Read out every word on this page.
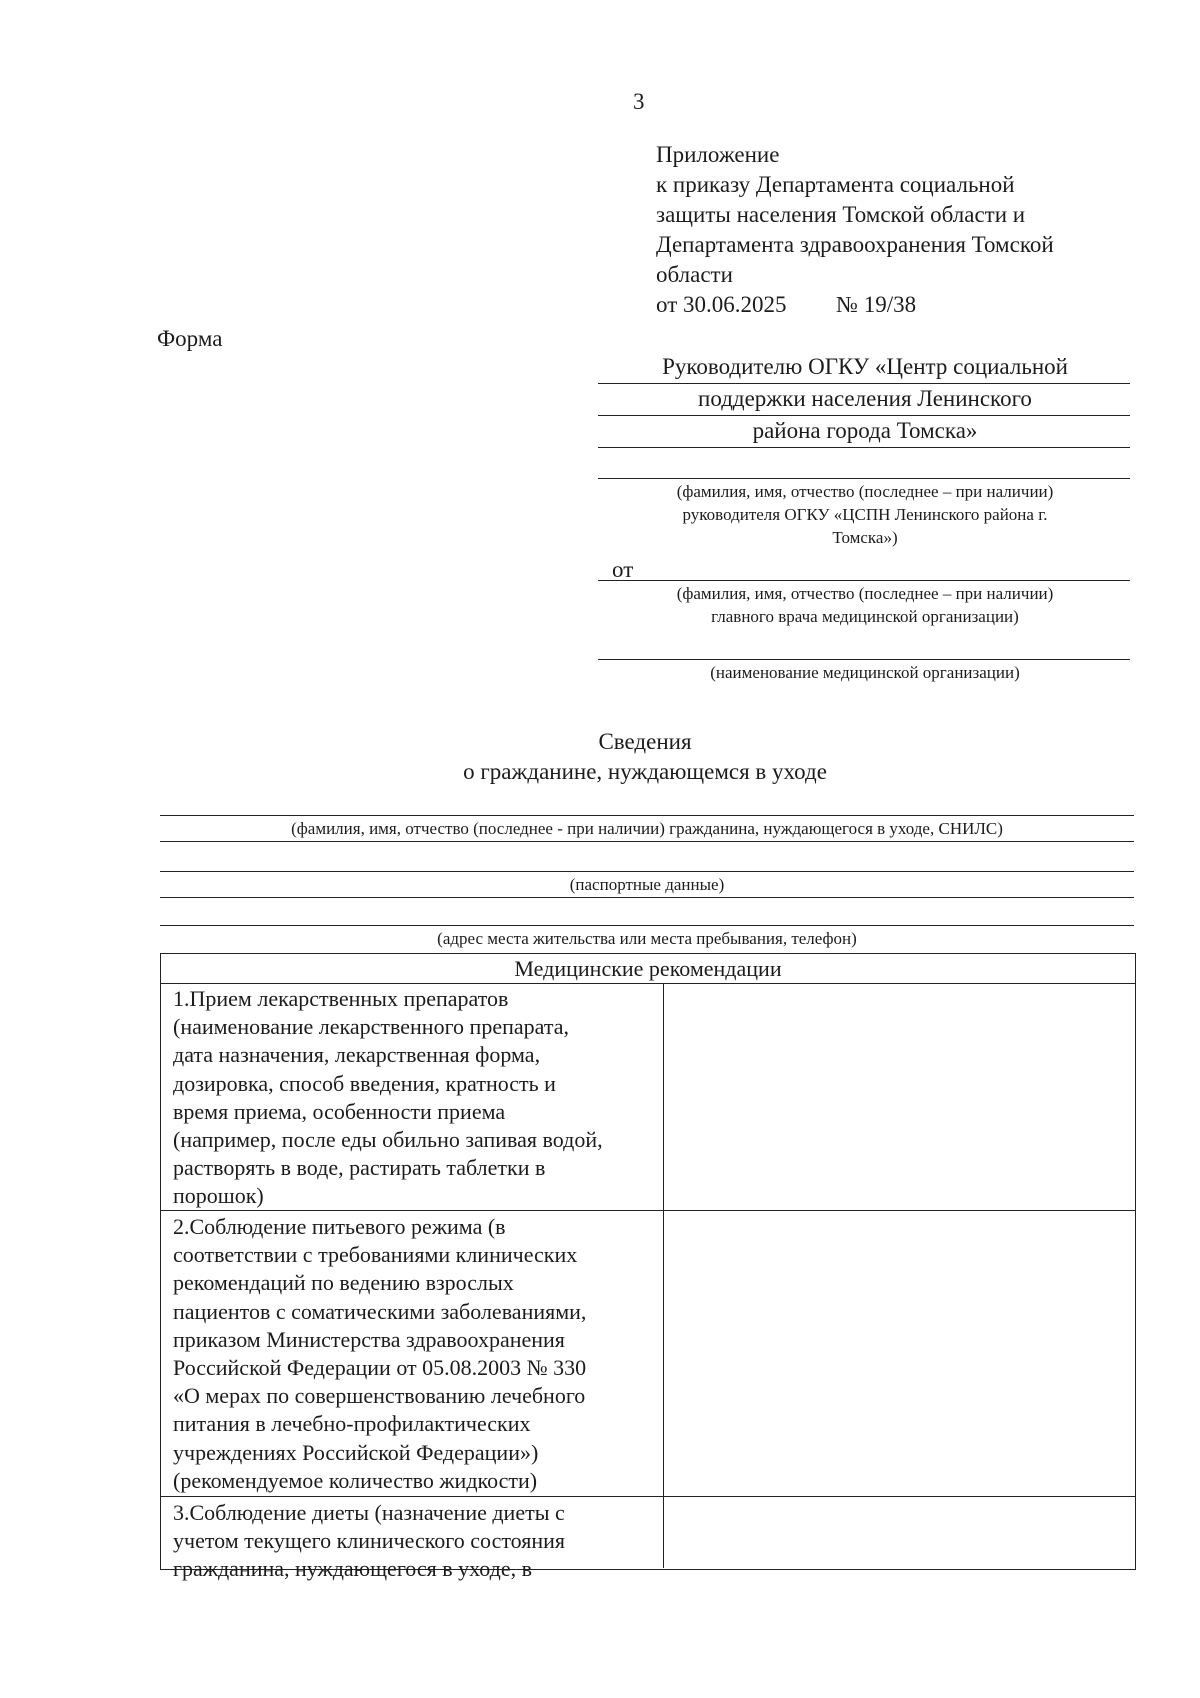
3
Приложение
к приказу Департамента социальной
защиты населения Томской области и
Департамента здравоохранения Томской
области
от 30.06.2025 № 19/38
Форма
Руководителю ОГКУ «Центр социальной
поддержки населения Ленинского
района города Томска»
(фамилия, имя, отчество (последнее – при наличии)
руководителя ОГКУ «ЦСПН Ленинского района г.
Томска»)
от
(фамилия, имя, отчество (последнее – при наличии)
главного врача медицинской организации)
(наименование медицинской организации)
Сведения
о гражданине, нуждающемся в уходе
(фамилия, имя, отчество (последнее - при наличии) гражданина, нуждающегося в уходе, СНИЛС)
(паспортные данные)
(адрес места жительства или места пребывания, телефон)
Медицинские рекомендации
1.Прием лекарственных препаратов
(наименование лекарственного препарата,
дата назначения, лекарственная форма,
дозировка, способ введения, кратность и
время приема, особенности приема
(например, после еды обильно запивая водой,
растворять в воде, растирать таблетки в
порошок)
2.Соблюдение питьевого режима (в
соответствии с требованиями клинических
рекомендаций по ведению взрослых
пациентов с соматическими заболеваниями,
приказом Министерства здравоохранения
Российской Федерации от 05.08.2003 № 330
«О мерах по совершенствованию лечебного
питания в лечебно-профилактических
учреждениях Российской Федерации»)
(рекомендуемое количество жидкости)
3.Соблюдение диеты (назначение диеты с
учетом текущего клинического состояния
гражданина, нуждающегося в уходе, в
